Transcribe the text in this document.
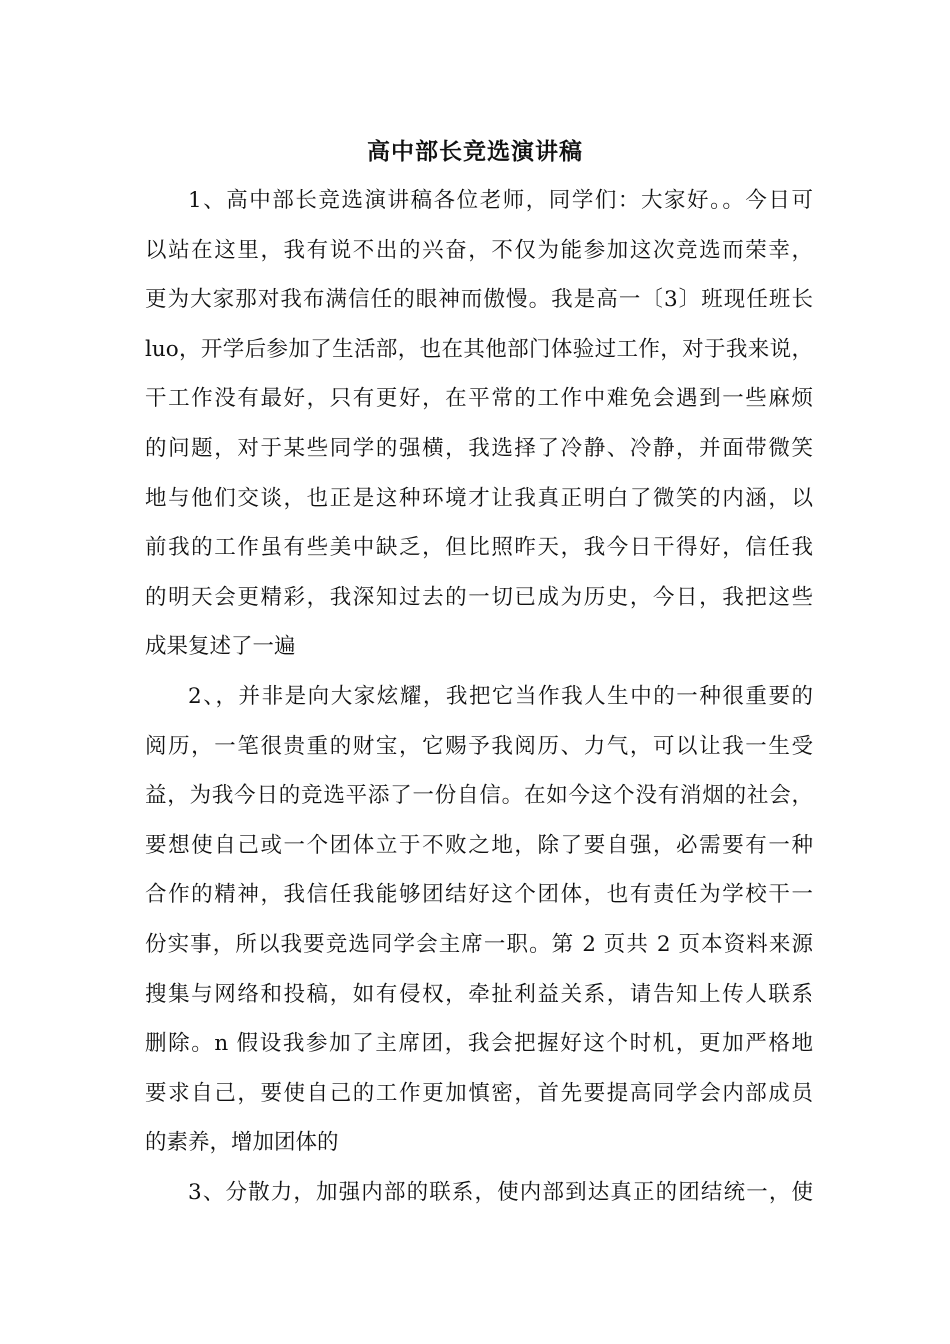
高中部长竞选演讲稿
1、高中部长竞选演讲稿各位老师，同学们：大家好。。今日可
以站在这里，我有说不出的兴奋，不仅为能参加这次竞选而荣幸，
更为大家那对我布满信任的眼神而傲慢。我是高一〔3〕班现任班长
luo，开学后参加了生活部，也在其他部门体验过工作，对于我来说，
干工作没有最好，只有更好，在平常的工作中难免会遇到一些麻烦
的问题，对于某些同学的强横，我选择了冷静、冷静，并面带微笑
地与他们交谈，也正是这种环境才让我真正明白了微笑的内涵，以
前我的工作虽有些美中缺乏，但比照昨天，我今日干得好，信任我
的明天会更精彩，我深知过去的一切已成为历史，今日，我把这些
成果复述了一遍
2、，并非是向大家炫耀，我把它当作我人生中的一种很重要的
阅历，一笔很贵重的财宝，它赐予我阅历、力气，可以让我一生受
益，为我今日的竞选平添了一份自信。在如今这个没有消烟的社会，
要想使自己或一个团体立于不败之地，除了要自强，必需要有一种
合作的精神，我信任我能够团结好这个团体，也有责任为学校干一
份实事，所以我要竞选同学会主席一职。第 2 页共 2 页本资料来源
搜集与网络和投稿，如有侵权，牵扯利益关系，请告知上传人联系
删除。n 假设我参加了主席团，我会把握好这个时机，更加严格地
要求自己，要使自己的工作更加慎密，首先要提高同学会内部成员
的素养，增加团体的
3、分散力，加强内部的联系，使内部到达真正的团结统一，使
